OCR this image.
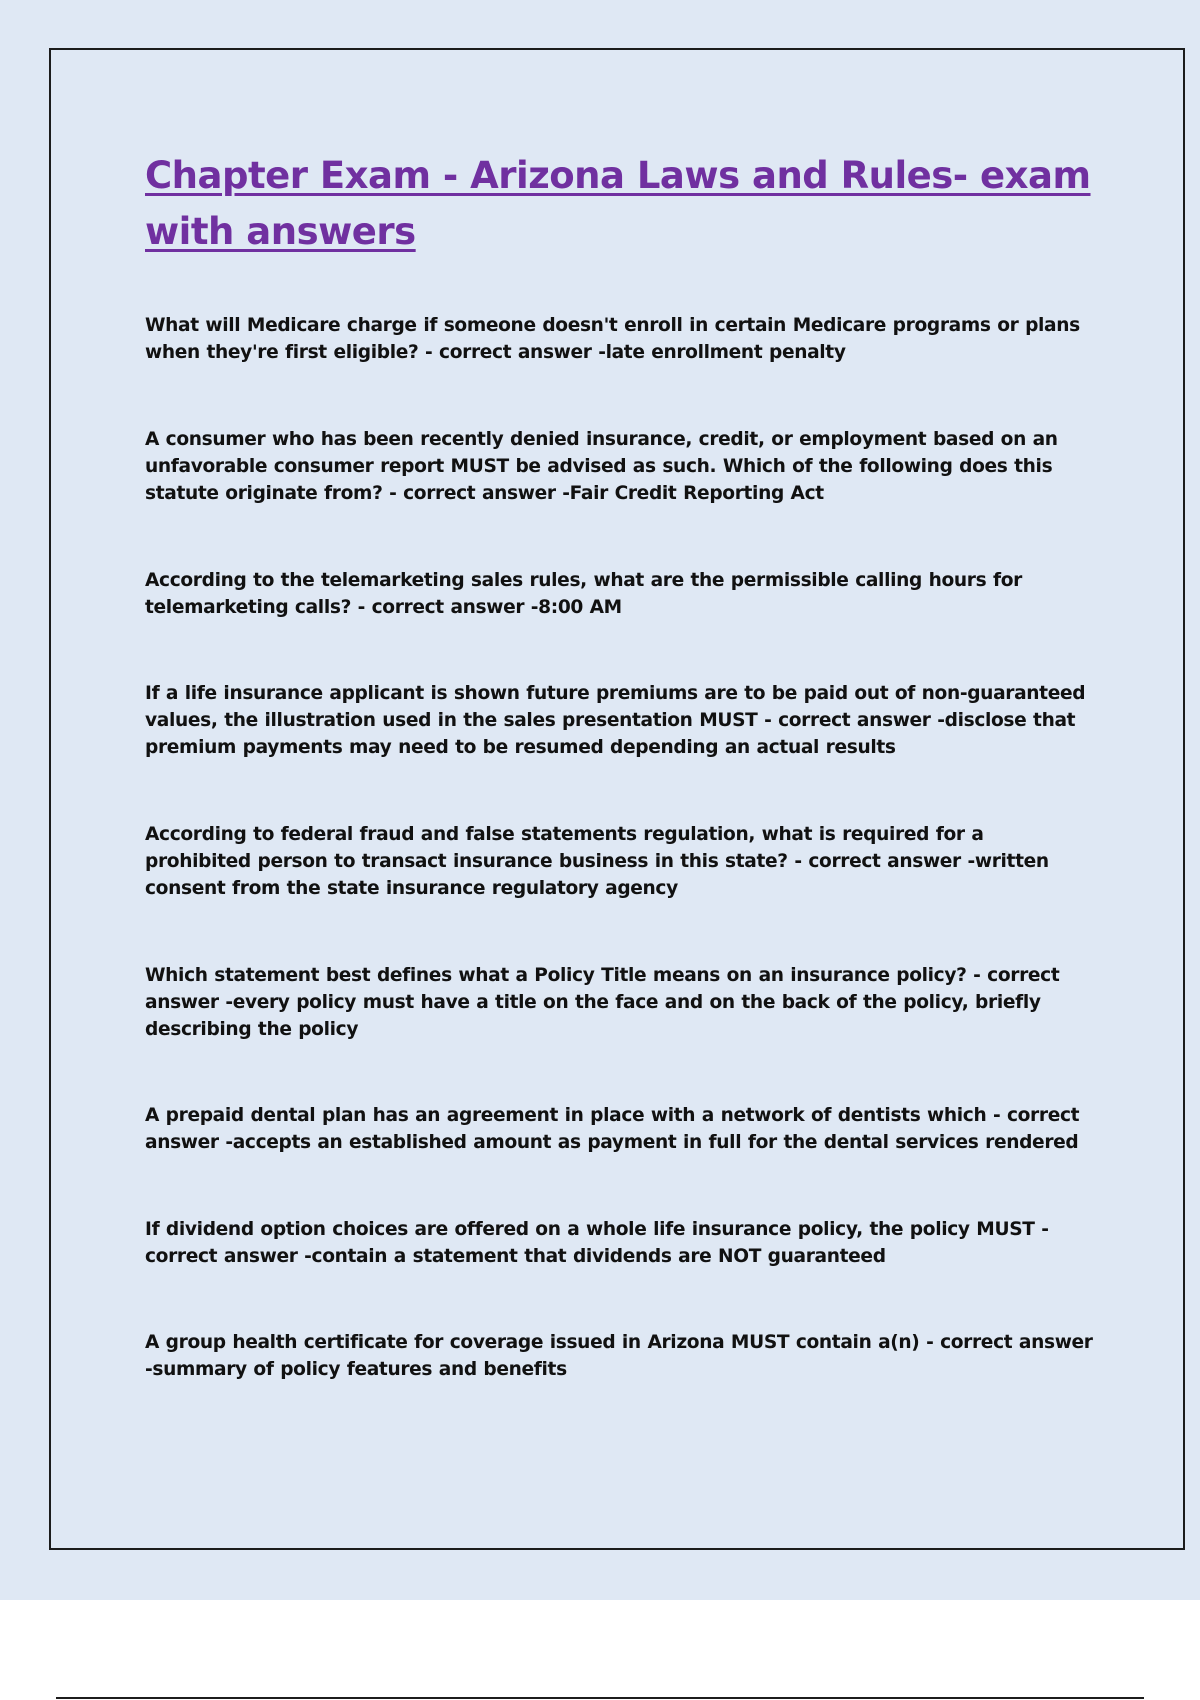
Chapter Exam - Arizona Laws and Rules- exam with answers

What will Medicare charge if someone doesn't enroll in certain Medicare programs or plans when they're first eligible? - correct answer -late enrollment penalty

A consumer who has been recently denied insurance, credit, or employment based on an unfavorable consumer report MUST be advised as such. Which of the following does this statute originate from? - correct answer -Fair Credit Reporting Act

According to the telemarketing sales rules, what are the permissible calling hours for telemarketing calls? - correct answer -8:00 AM

If a life insurance applicant is shown future premiums are to be paid out of non-guaranteed values, the illustration used in the sales presentation MUST - correct answer -disclose that premium payments may need to be resumed depending an actual results

According to federal fraud and false statements regulation, what is required for a prohibited person to transact insurance business in this state? - correct answer -written consent from the state insurance regulatory agency

Which statement best defines what a Policy Title means on an insurance policy? - correct answer -every policy must have a title on the face and on the back of the policy, briefly describing the policy

A prepaid dental plan has an agreement in place with a network of dentists which - correct answer -accepts an established amount as payment in full for the dental services rendered

If dividend option choices are offered on a whole life insurance policy, the policy MUST - correct answer -contain a statement that dividends are NOT guaranteed

A group health certificate for coverage issued in Arizona MUST contain a(n) - correct answer -summary of policy features and benefits
